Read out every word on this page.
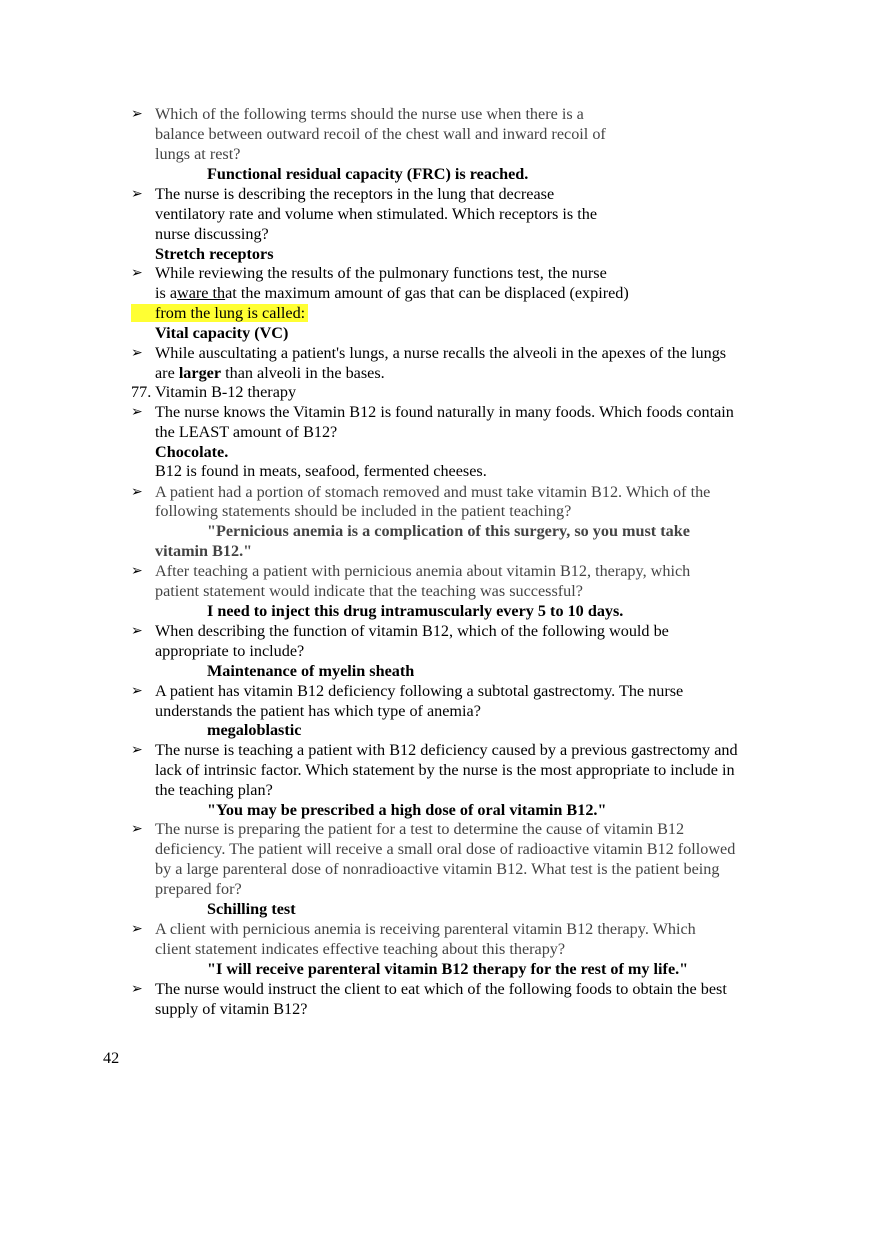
➢ Which of the following terms should the nurse use when there is a
balance between outward recoil of the chest wall and inward recoil of
lungs at rest?
Functional residual capacity (FRC) is reached.
➢ The nurse is describing the receptors in the lung that decrease
ventilatory rate and volume when stimulated. Which receptors is the
nurse discussing?
Stretch receptors
➢ While reviewing the results of the pulmonary functions test, the nurse
is aware that the maximum amount of gas that can be displaced (expired)
from the lung is called:
Vital capacity (VC)
➢ While auscultating a patient's lungs, a nurse recalls the alveoli in the apexes of the lungs
are larger than alveoli in the bases.
77. Vitamin B-12 therapy
➢ The nurse knows the Vitamin B12 is found naturally in many foods. Which foods contain
the LEAST amount of B12?
Chocolate.
B12 is found in meats, seafood, fermented cheeses.
➢ A patient had a portion of stomach removed and must take vitamin B12. Which of the
following statements should be included in the patient teaching?
"Pernicious anemia is a complication of this surgery, so you must take
vitamin B12."
➢ After teaching a patient with pernicious anemia about vitamin B12, therapy, which
patient statement would indicate that the teaching was successful?
I need to inject this drug intramuscularly every 5 to 10 days.
➢ When describing the function of vitamin B12, which of the following would be
appropriate to include?
Maintenance of myelin sheath
➢ A patient has vitamin B12 deficiency following a subtotal gastrectomy. The nurse
understands the patient has which type of anemia?
megaloblastic
➢ The nurse is teaching a patient with B12 deficiency caused by a previous gastrectomy and
lack of intrinsic factor. Which statement by the nurse is the most appropriate to include in
the teaching plan?
"You may be prescribed a high dose of oral vitamin B12."
➢ The nurse is preparing the patient for a test to determine the cause of vitamin B12
deficiency. The patient will receive a small oral dose of radioactive vitamin B12 followed
by a large parenteral dose of nonradioactive vitamin B12. What test is the patient being
prepared for?
Schilling test
➢ A client with pernicious anemia is receiving parenteral vitamin B12 therapy. Which
client statement indicates effective teaching about this therapy?
"I will receive parenteral vitamin B12 therapy for the rest of my life."
➢ The nurse would instruct the client to eat which of the following foods to obtain the best
supply of vitamin B12?
42
